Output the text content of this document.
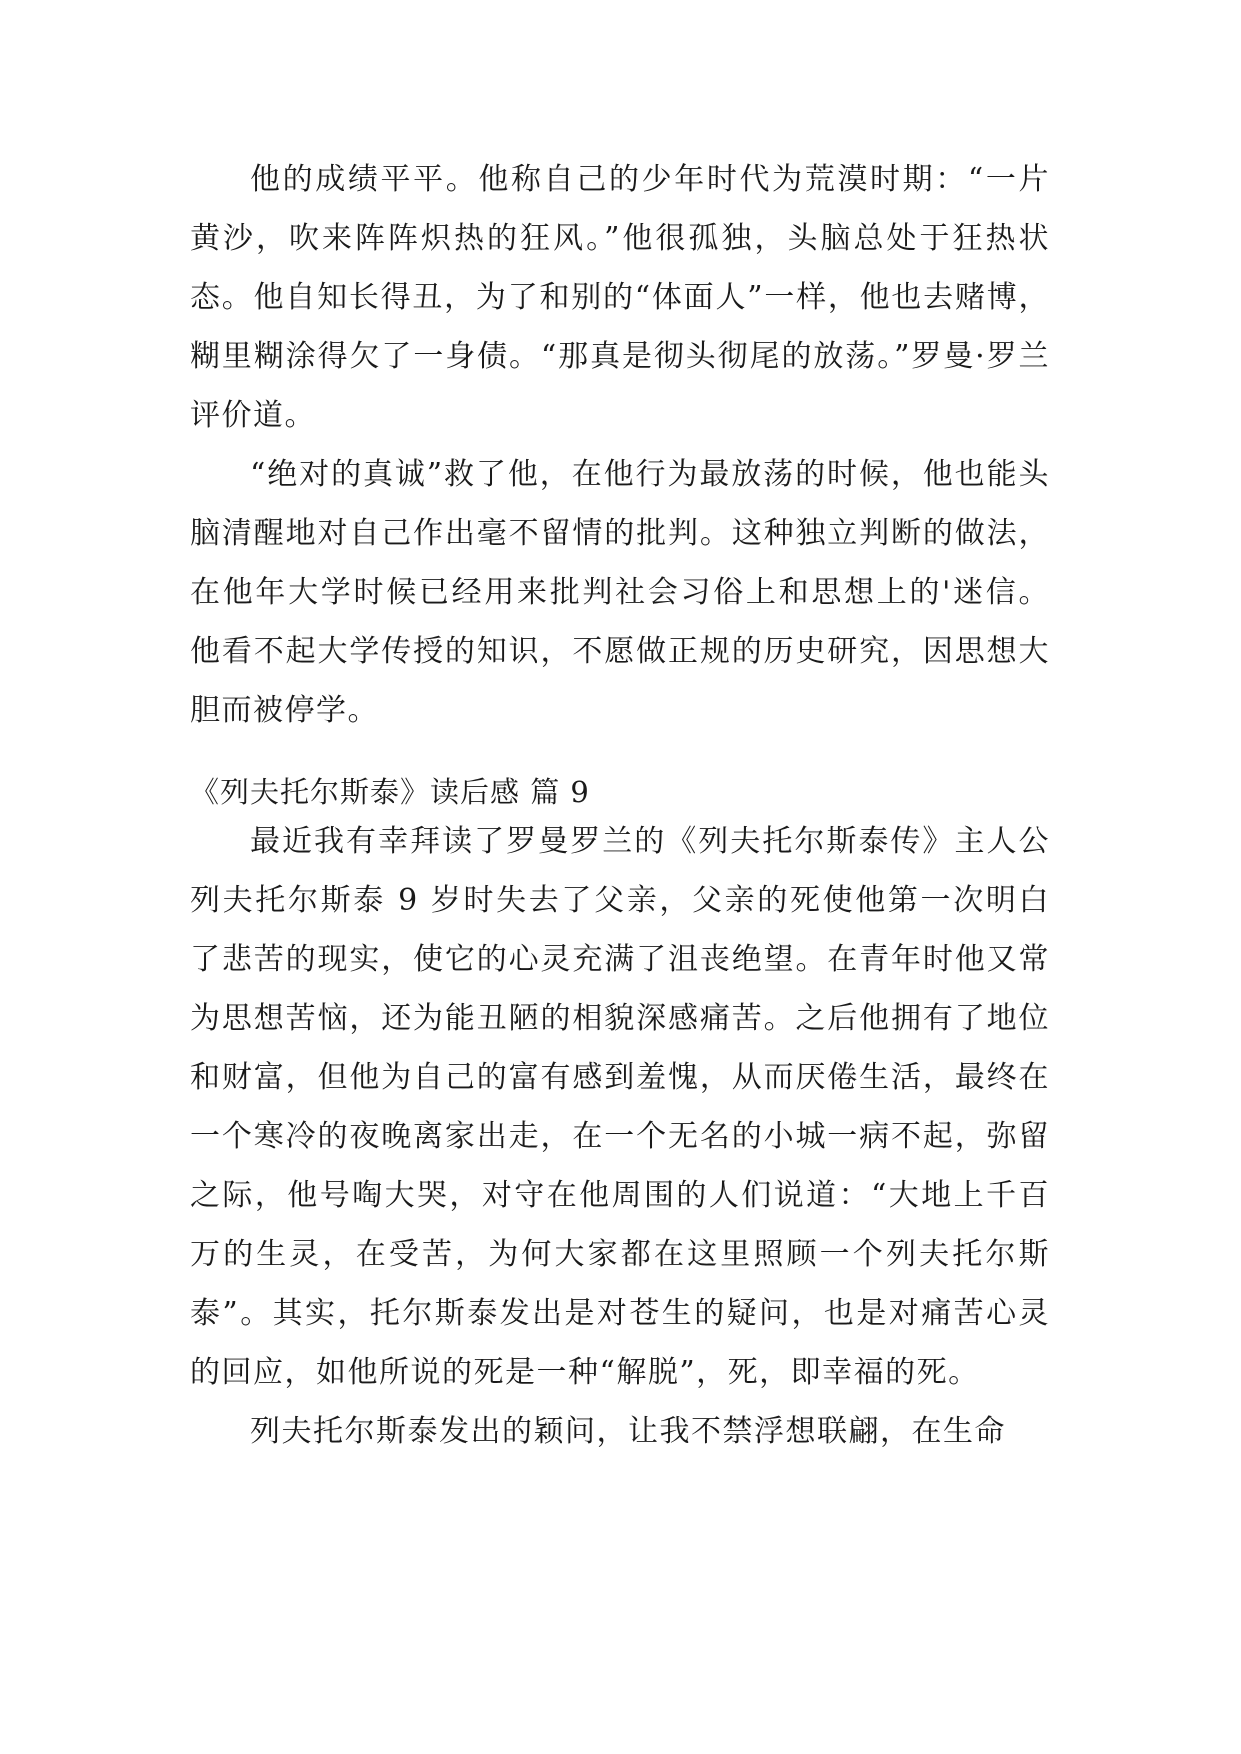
他的成绩平平。他称自己的少年时代为荒漠时期：“一片黄沙，吹来阵阵炽热的狂风。”他很孤独，头脑总处于狂热状态。他自知长得丑，为了和别的“体面人”一样，他也去赌博，糊里糊涂得欠了一身债。“那真是彻头彻尾的放荡。”罗曼·罗兰评价道。

“绝对的真诚”救了他，在他行为最放荡的时候，他也能头脑清醒地对自己作出毫不留情的批判。这种独立判断的做法，在他年大学时候已经用来批判社会习俗上和思想上的'迷信。他看不起大学传授的知识，不愿做正规的历史研究，因思想大胆而被停学。

《列夫托尔斯泰》读后感 篇 9

最近我有幸拜读了罗曼罗兰的《列夫托尔斯泰传》主人公列夫托尔斯泰 9 岁时失去了父亲，父亲的死使他第一次明白了悲苦的现实，使它的心灵充满了沮丧绝望。在青年时他又常为思想苦恼，还为能丑陋的相貌深感痛苦。之后他拥有了地位和财富，但他为自己的富有感到羞愧，从而厌倦生活，最终在一个寒冷的夜晚离家出走，在一个无名的小城一病不起，弥留之际，他号啕大哭，对守在他周围的人们说道：“大地上千百万的生灵，在受苦，为何大家都在这里照顾一个列夫托尔斯泰”。其实，托尔斯泰发出是对苍生的疑问，也是对痛苦心灵的回应，如他所说的死是一种“解脱”，死，即幸福的死。

列夫托尔斯泰发出的颖问，让我不禁浮想联翩，在生命
